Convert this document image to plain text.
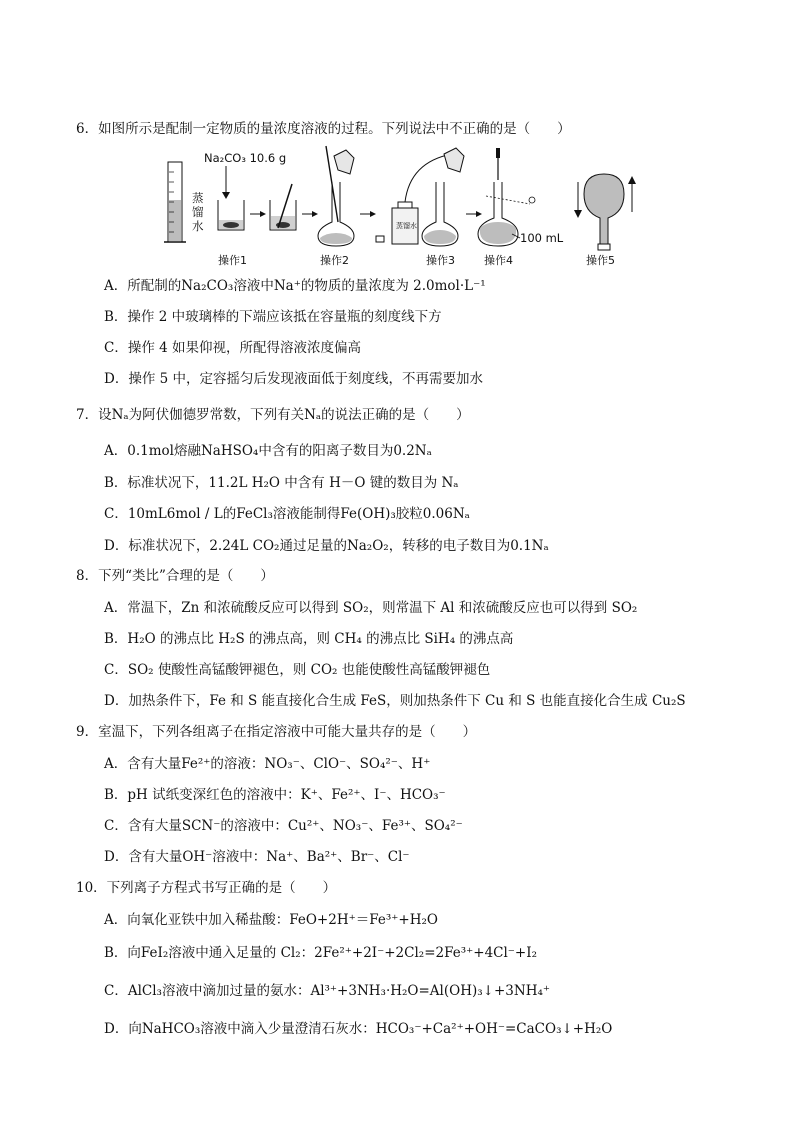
6．如图所示是配制一定物质的量浓度溶液的过程。下列说法中不正确的是（　　）
蒸
馏
水
Na₂CO₃ 10.6 g
蒸馏水
100 mL
操作1	操作2	操作3	操作4	操作5
A．所配制的Na₂CO₃溶液中Na⁺的物质的量浓度为 2.0mol·L⁻¹
B．操作 2 中玻璃棒的下端应该抵在容量瓶的刻度线下方
C．操作 4 如果仰视，所配得溶液浓度偏高
D．操作 5 中，定容摇匀后发现液面低于刻度线，不再需要加水
7．设Nₐ为阿伏伽德罗常数，下列有关Nₐ的说法正确的是（　　）
A．0.1mol熔融NaHSO₄中含有的阳离子数目为0.2Nₐ
B．标准状况下，11.2L H₂O 中含有 H－O 键的数目为 Nₐ
C．10mL6mol / L的FeCl₃溶液能制得Fe(OH)₃胶粒0.06Nₐ
D．标准状况下，2.24L CO₂通过足量的Na₂O₂，转移的电子数目为0.1Nₐ
8．下列“类比”合理的是（　　）
A．常温下，Zn 和浓硫酸反应可以得到 SO₂，则常温下 Al 和浓硫酸反应也可以得到 SO₂
B．H₂O 的沸点比 H₂S 的沸点高，则 CH₄ 的沸点比 SiH₄ 的沸点高
C．SO₂ 使酸性高锰酸钾褪色，则 CO₂ 也能使酸性高锰酸钾褪色
D．加热条件下，Fe 和 S 能直接化合生成 FeS，则加热条件下 Cu 和 S 也能直接化合生成 Cu₂S
9．室温下，下列各组离子在指定溶液中可能大量共存的是（　　）
A．含有大量Fe²⁺的溶液：NO₃⁻、ClO⁻、SO₄²⁻、H⁺
B．pH 试纸变深红色的溶液中：K⁺、Fe²⁺、I⁻、HCO₃⁻
C．含有大量SCN⁻的溶液中：Cu²⁺、NO₃⁻、Fe³⁺、SO₄²⁻
D．含有大量OH⁻溶液中：Na⁺、Ba²⁺、Br⁻、Cl⁻
10．下列离子方程式书写正确的是（　　）
A．向氧化亚铁中加入稀盐酸：FeO+2H⁺＝Fe³⁺+H₂O
B．向FeI₂溶液中通入足量的 Cl₂：2Fe²⁺+2I⁻+2Cl₂=2Fe³⁺+4Cl⁻+I₂
C．AlCl₃溶液中滴加过量的氨水：Al³⁺+3NH₃·H₂O=Al(OH)₃↓+3NH₄⁺
D．向NaHCO₃溶液中滴入少量澄清石灰水：HCO₃⁻+Ca²⁺+OH⁻=CaCO₃↓+H₂O
